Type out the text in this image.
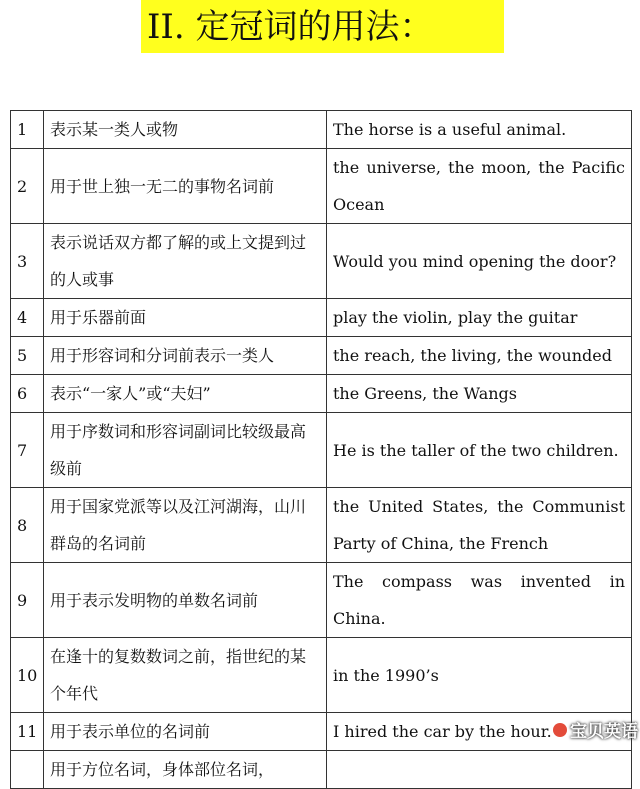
II. 定冠词的用法：
1	表示某一类人或物	The horse is a useful animal.
2	用于世上独一无二的事物名词前	the universe, the moon, the Pacific Ocean
3	表示说话双方都了解的或上文提到过的人或事	Would you mind opening the door?
4	用于乐器前面	play the violin, play the guitar
5	用于形容词和分词前表示一类人	the reach, the living, the wounded
6	表示“一家人”或“夫妇”	the Greens, the Wangs
7	用于序数词和形容词副词比较级最高级前	He is the taller of the two children.
8	用于国家党派等以及江河湖海，山川群岛的名词前	the United States, the Communist Party of China, the French
9	用于表示发明物的单数名词前	The compass was invented in China.
10	在逢十的复数数词之前，指世纪的某个年代	in the 1990’s
11	用于表示单位的名词前	I hired the car by the hour.
	用于方位名词，身体部位名词，	
宝贝英语
